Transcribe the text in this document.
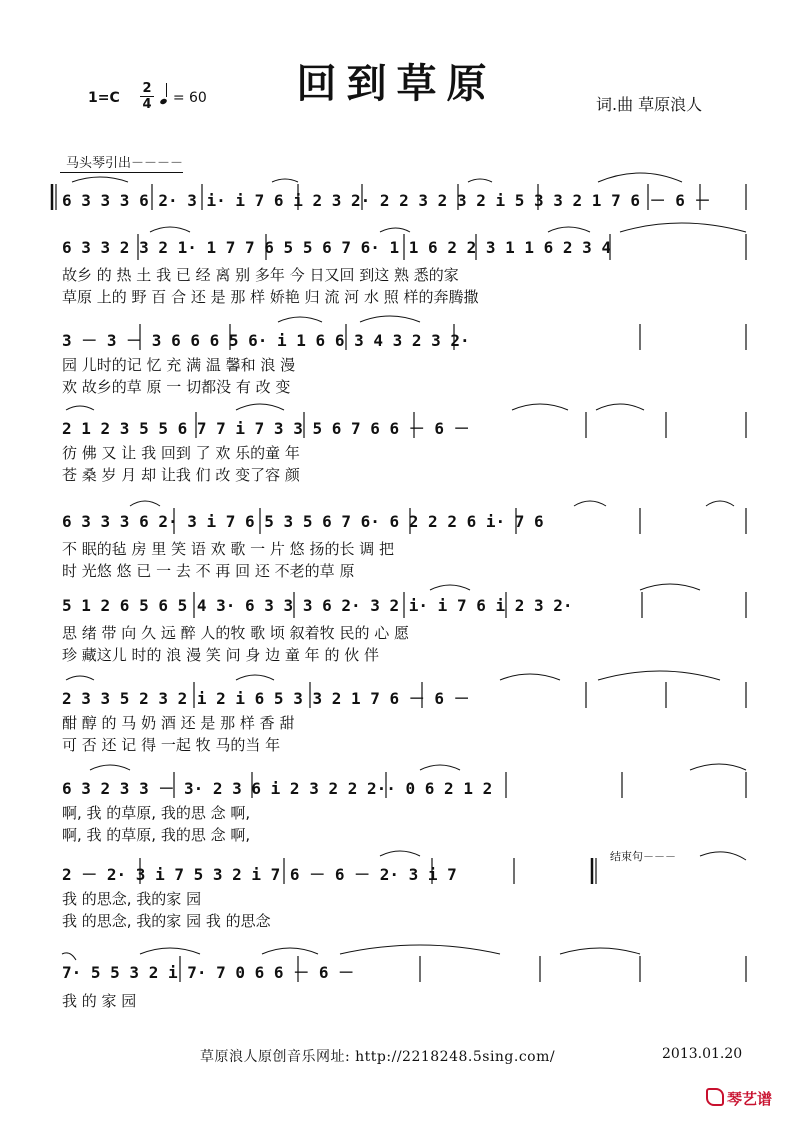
回到草原
1=C
2
4	= 60	词.曲 草原浪人
马头琴引出－－－－
6 3 3 3 6 2· 3 i· i 7 6 i 2 3 2· 2 2 3 2 3 2 i 5 3 3 2 1 7 6 － 6 －
6 3 3 2 3 2 1· 1 7 7 6 5 5 6 7 6· 1 1 6 2 2 3 1 1 6 2 3 4
故乡 的 热 土 我 已 经 离 别 多年 今 日又回 到这 熟 悉的家
草原 上的 野 百 合 还 是 那 样 娇艳 归 流 河 水 照 样的奔腾撒
3 － 3 － 3 6 6 6 5 6· i 1 6 6 3 4 3 2 3 2·
园 儿时的记 忆 充 满 温 馨和 浪 漫
欢 故乡的草 原 一 切都没 有 改 变
2 1 2 3 5 5 6 7 7 i 7 3 3 5 6 7 6 6 － 6 －
彷 佛 又 让 我 回到 了 欢 乐的童 年
苍 桑 岁 月 却 让我 们 改 变了容 颜
6 3 3 3 6 2· 3 i 7 6 5 3 5 6 7 6· 6 2 2 2 6 i· 7 6
不 眠的毡 房 里 笑 语 欢 歌 一 片 悠 扬的长 调 把
时 光悠 悠 已 一 去 不 再 回 还 不老的草 原
5 1 2 6 5 6 5 4 3· 6 3 3 3 6 2· 3 2 i· i 7 6 i 2 3 2·
思 绪 带 向 久 远 醉 人的牧 歌 顷 叙着牧 民的 心 愿
珍 藏这儿 时的 浪 漫 笑 问 身 边 童 年 的 伙 伴
2 3 3 5 2 3 2 i 2 i 6 5 3 3 2 1 7 6 － 6 －
酣 醇 的 马 奶 酒 还 是 那 样 香 甜
可 否 还 记 得 一起 牧 马的当 年
6 3 2 3 3 － 3· 2 3 6 i 2 3 2 2 2·· 0 6 2 1 2
啊, 我 的草原, 我的思 念 啊,
啊, 我 的草原, 我的思 念 啊,
结束句－－－
2 － 2· 3 i 7 5 3 2 i 7 6 － 6 － 2· 3 i 7
我 的思念, 我的家 园
我 的思念, 我的家 园 我 的思念
7· 5 5 3 2 i 7· 7 0 6 6 － 6 －
我 的 家 园
草原浪人原创音乐网址: http://2218248.5sing.com/	2013.01.20
琴艺谱
